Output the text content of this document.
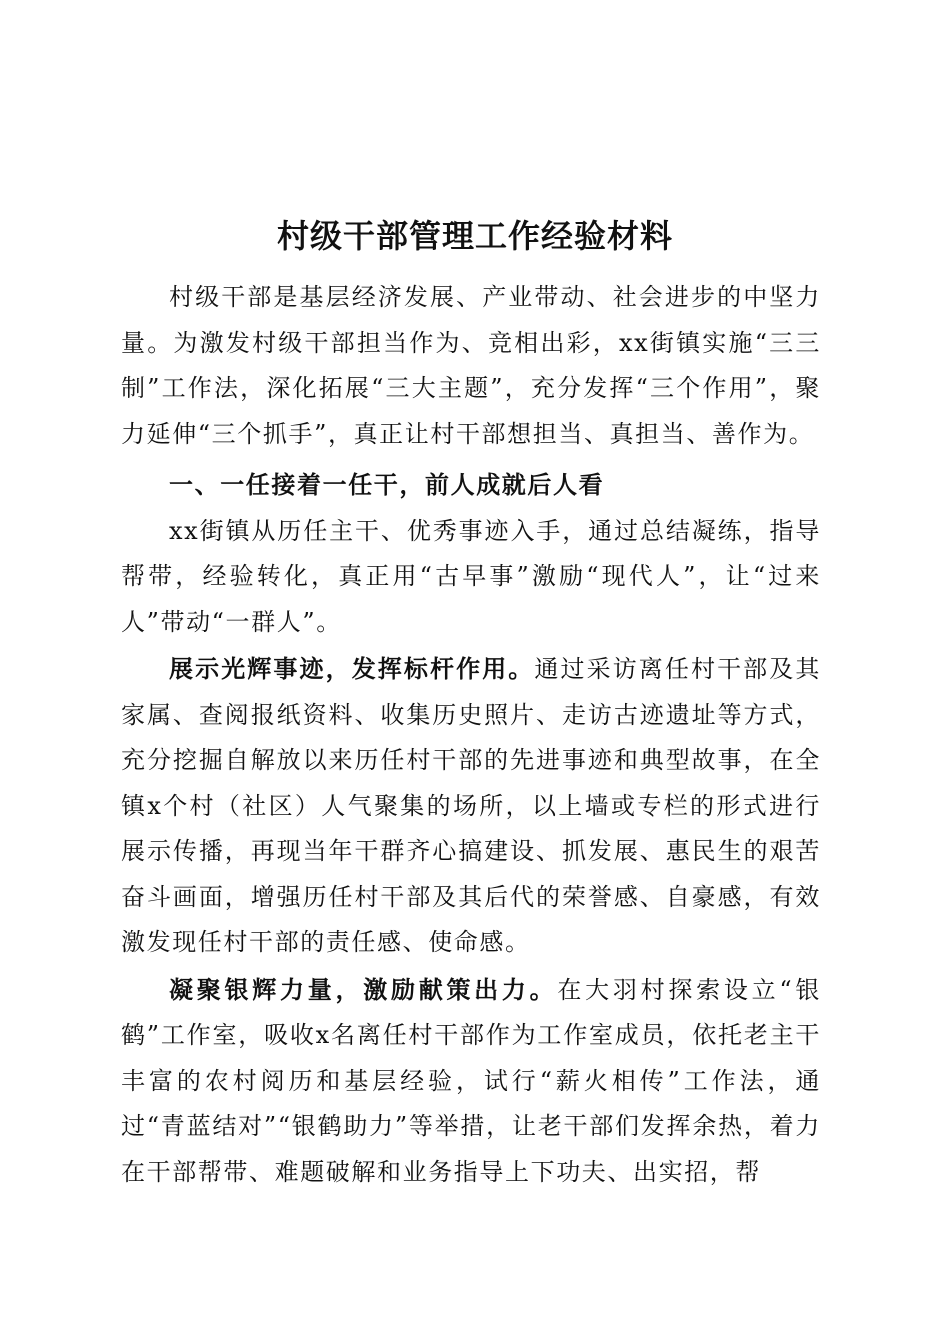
村级干部管理工作经验材料

村级干部是基层经济发展、产业带动、社会进步的中坚力量。为激发村级干部担当作为、竞相出彩，xx街镇实施“三三制”工作法，深化拓展“三大主题”，充分发挥“三个作用”，聚力延伸“三个抓手”，真正让村干部想担当、真担当、善作为。

一、一任接着一任干，前人成就后人看

xx街镇从历任主干、优秀事迹入手，通过总结凝练，指导帮带，经验转化，真正用“古早事”激励“现代人”，让“过来人”带动“一群人”。

展示光辉事迹，发挥标杆作用。通过采访离任村干部及其家属、查阅报纸资料、收集历史照片、走访古迹遗址等方式，充分挖掘自解放以来历任村干部的先进事迹和典型故事，在全镇x个村（社区）人气聚集的场所，以上墙或专栏的形式进行展示传播，再现当年干群齐心搞建设、抓发展、惠民生的艰苦奋斗画面，增强历任村干部及其后代的荣誉感、自豪感，有效激发现任村干部的责任感、使命感。

凝聚银辉力量，激励献策出力。在大羽村探索设立“银鹤”工作室，吸收x名离任村干部作为工作室成员，依托老主干丰富的农村阅历和基层经验，试行“薪火相传”工作法，通过“青蓝结对”“银鹤助力”等举措，让老干部们发挥余热，着力在干部帮带、难题破解和业务指导上下功夫、出实招，帮
